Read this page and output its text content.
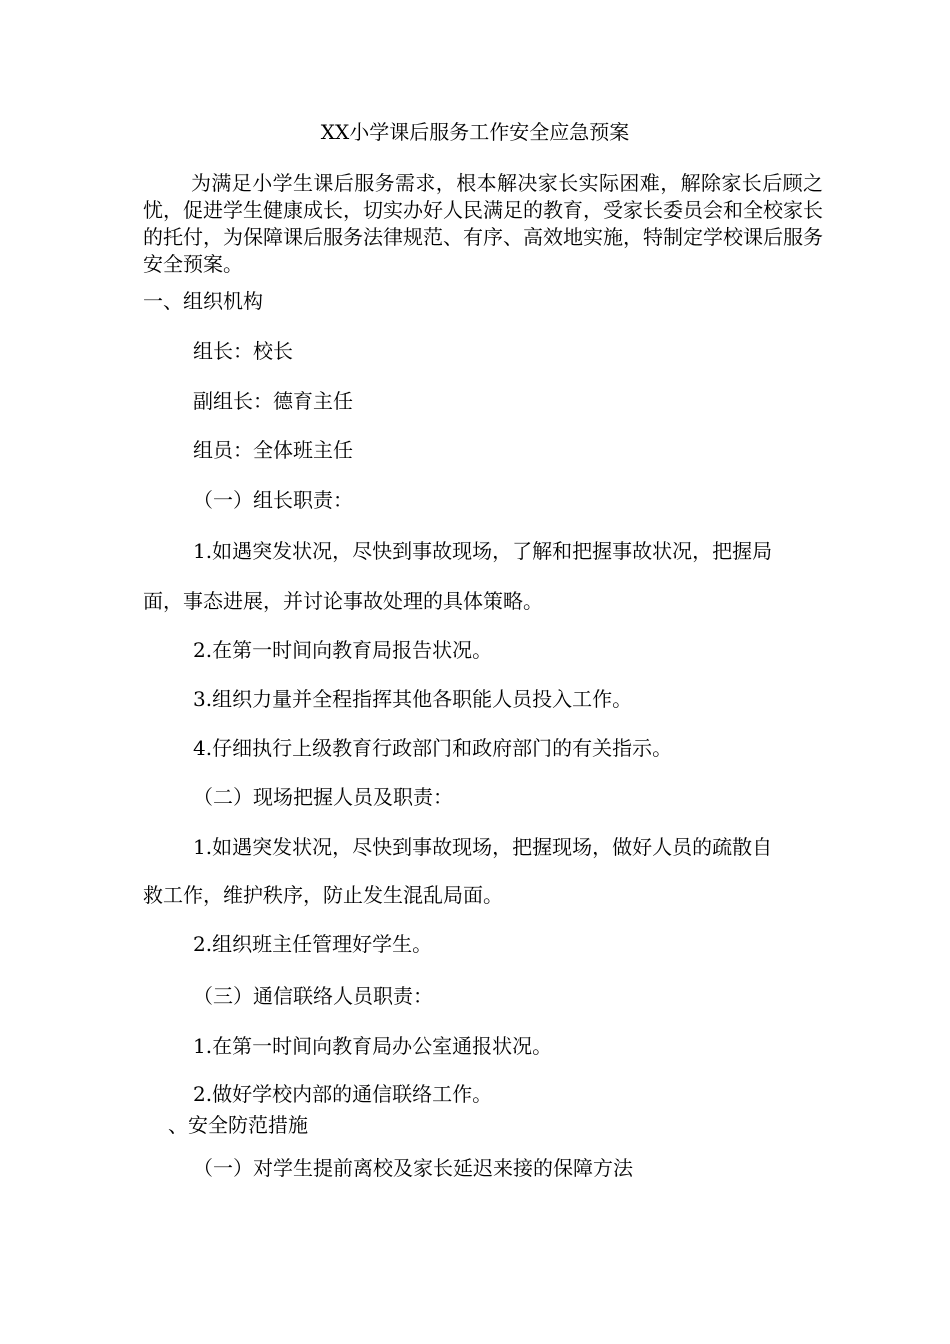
XX小学课后服务工作安全应急预案

为满足小学生课后服务需求，根本解决家长实际困难，解除家长后顾之忧，促进学生健康成长，切实办好人民满足的教育，受家长委员会和全校家长的托付，为保障课后服务法律规范、有序、高效地实施，特制定学校课后服务安全预案。

一、组织机构

组长：校长

副组长：德育主任

组员：全体班主任

（一）组长职责：

1.如遇突发状况，尽快到事故现场，了解和把握事故状况，把握局

面，事态进展，并讨论事故处理的具体策略。

2.在第一时间向教育局报告状况。

3.组织力量并全程指挥其他各职能人员投入工作。

4.仔细执行上级教育行政部门和政府部门的有关指示。

（二）现场把握人员及职责：

1.如遇突发状况，尽快到事故现场，把握现场，做好人员的疏散自

救工作，维护秩序，防止发生混乱局面。

2.组织班主任管理好学生。

（三）通信联络人员职责：

1.在第一时间向教育局办公室通报状况。

2.做好学校内部的通信联络工作。

、安全防范措施

（一）对学生提前离校及家长延迟来接的保障方法
